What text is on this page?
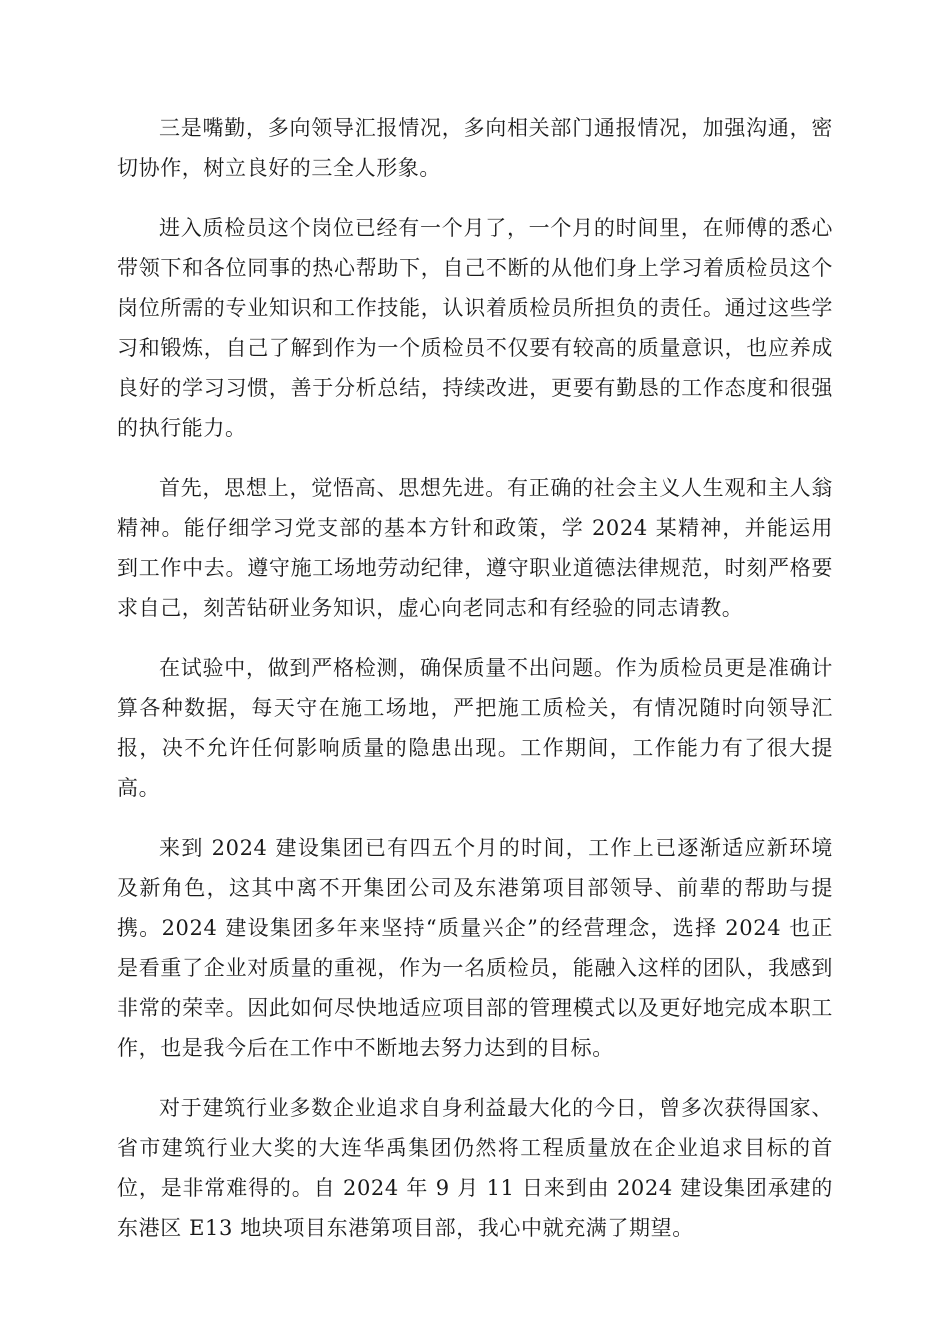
三是嘴勤，多向领导汇报情况，多向相关部门通报情况，加强沟通，密切协作，树立良好的三全人形象。

进入质检员这个岗位已经有一个月了，一个月的时间里，在师傅的悉心带领下和各位同事的热心帮助下，自己不断的从他们身上学习着质检员这个岗位所需的专业知识和工作技能，认识着质检员所担负的责任。通过这些学习和锻炼，自己了解到作为一个质检员不仅要有较高的质量意识，也应养成良好的学习习惯，善于分析总结，持续改进，更要有勤恳的工作态度和很强的执行能力。

首先，思想上，觉悟高、思想先进。有正确的社会主义人生观和主人翁精神。能仔细学习党支部的基本方针和政策，学 2024 某精神，并能运用到工作中去。遵守施工场地劳动纪律，遵守职业道德法律规范，时刻严格要求自己，刻苦钻研业务知识，虚心向老同志和有经验的同志请教。

在试验中，做到严格检测，确保质量不出问题。作为质检员更是准确计算各种数据，每天守在施工场地，严把施工质检关，有情况随时向领导汇报，决不允许任何影响质量的隐患出现。工作期间，工作能力有了很大提高。

来到 2024 建设集团已有四五个月的时间，工作上已逐渐适应新环境及新角色，这其中离不开集团公司及东港第项目部领导、前辈的帮助与提携。2024 建设集团多年来坚持“质量兴企”的经营理念，选择 2024 也正是看重了企业对质量的重视，作为一名质检员，能融入这样的团队，我感到非常的荣幸。因此如何尽快地适应项目部的管理模式以及更好地完成本职工作，也是我今后在工作中不断地去努力达到的目标。

对于建筑行业多数企业追求自身利益最大化的今日，曾多次获得国家、省市建筑行业大奖的大连华禹集团仍然将工程质量放在企业追求目标的首位，是非常难得的。自 2024 年 9 月 11 日来到由 2024 建设集团承建的东港区 E13 地块项目东港第项目部，我心中就充满了期望。
